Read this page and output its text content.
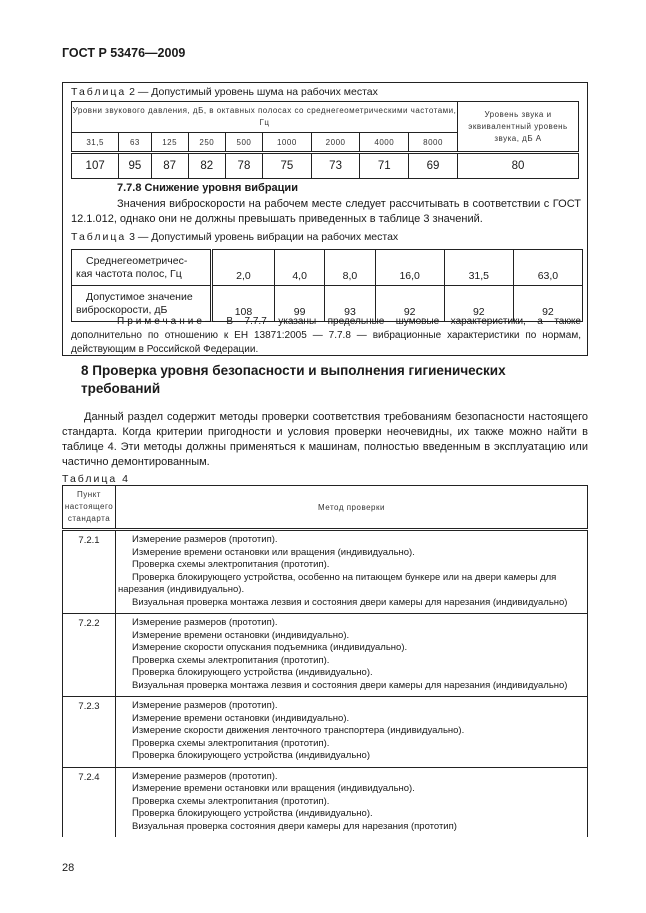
ГОСТ Р 53476—2009
Таблица 2 — Допустимый уровень шума на рабочих местах
Уровни звукового давления, дБ, в октавных полосах со среднегеометрическими частотами, Гц									Уровень звука и эквивалентный уровень звука, дБ А
31,5	63	125	250	500	1000	2000	4000	8000	
107	95	87	82	78	75	73	71	69	80
7.7.8 Снижение уровня вибрации
Значения виброскорости на рабочем месте следует рассчитывать в соответствии с ГОСТ 12.1.012, однако они не должны превышать приведенных в таблице 3 значений.
Таблица 3 — Допустимый уровень вибрации на рабочих местах
Среднегеометричес-
кая частота полос, Гц	2,0	4,0	8,0	16,0	31,5	63,0

Допустимое значение
виброскорости, дБ	108	99	93	92	92	92
Примечание— В 7.7.7 указаны предельные шумовые характеристики, а также дополнительно по отношению к ЕН 13871:2005 — 7.7.8 — вибрационные характеристики по нормам, действующим в Российской Федерации.
8 Проверка уровня безопасности и выполнения гигиенических требований
Данный раздел содержит методы проверки соответствия требованиям безопасности настоящего стандарта. Когда критерии пригодности и условия проверки неочевидны, их также можно найти в таблице 4. Эти методы должны применяться к машинам, полностью введенным в эксплуатацию или частично демонтированным.
Таблица 4
Пункт настоящего стандарта	Метод проверки
7.2.1	Измерение размеров (прототип).
Измерение времени остановки или вращения (индивидуально).
Проверка схемы электропитания (прототип).
Проверка блокирующего устройства, особенно на питающем бункере или на двери камеры для нарезания (индивидуально).
Визуальная проверка монтажа лезвия и состояния двери камеры для нарезания (индивидуально)

7.2.2	Измерение размеров (прототип).
Измерение времени остановки (индивидуально).
Измерение скорости опускания подъемника (индивидуально).
Проверка схемы электропитания (прототип).
Проверка блокирующего устройства (индивидуально).
Визуальная проверка монтажа лезвия и состояния двери камеры для нарезания (индивидуально)

7.2.3	Измерение размеров (прототип).
Измерение времени остановки (индивидуально).
Измерение скорости движения ленточного транспортера (индивидуально).
Проверка схемы электропитания (прототип).
Проверка блокирующего устройства (индивидуально)

7.2.4	Измерение размеров (прототип).
Измерение времени остановки или вращения (индивидуально).
Проверка схемы электропитания (прототип).
Проверка блокирующего устройства (индивидуально).
Визуальная проверка состояния двери камеры для нарезания (прототип)
28
